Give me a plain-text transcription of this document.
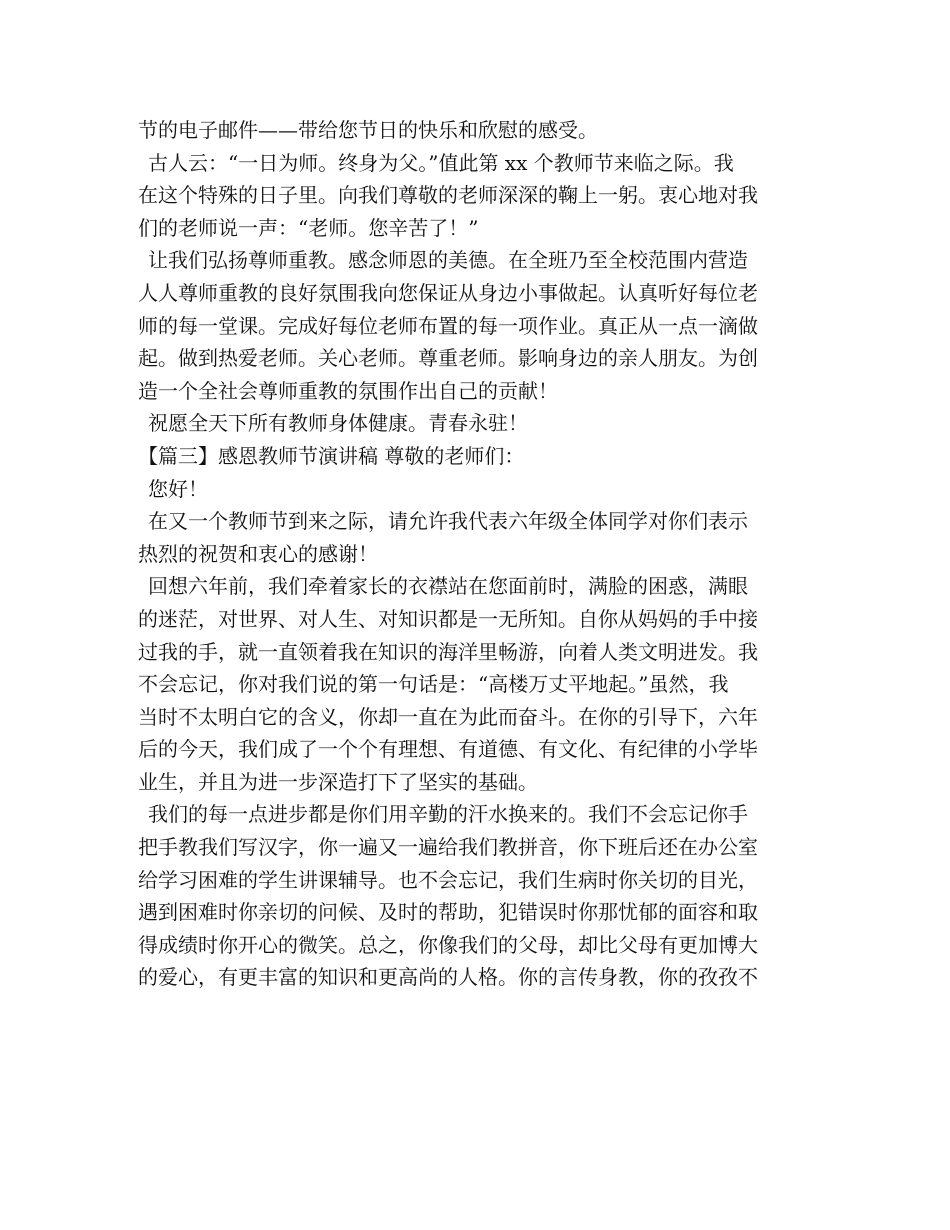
节的电子邮件——带给您节日的快乐和欣慰的感受。
古人云：“一日为师。终身为父。”值此第 xx 个教师节来临之际。我
在这个特殊的日子里。向我们尊敬的老师深深的鞠上一躬。衷心地对我
们的老师说一声：“老师。您辛苦了！”
让我们弘扬尊师重教。感念师恩的美德。在全班乃至全校范围内营造
人人尊师重教的良好氛围我向您保证从身边小事做起。认真听好每位老
师的每一堂课。完成好每位老师布置的每一项作业。真正从一点一滴做
起。做到热爱老师。关心老师。尊重老师。影响身边的亲人朋友。为创
造一个全社会尊师重教的氛围作出自己的贡献！
祝愿全天下所有教师身体健康。青春永驻！
【篇三】感恩教师节演讲稿 尊敬的老师们：
您好！
在又一个教师节到来之际，请允许我代表六年级全体同学对你们表示
热烈的祝贺和衷心的感谢！
回想六年前，我们牵着家长的衣襟站在您面前时，满脸的困惑，满眼
的迷茫，对世界、对人生、对知识都是一无所知。自你从妈妈的手中接
过我的手，就一直领着我在知识的海洋里畅游，向着人类文明进发。我
不会忘记，你对我们说的第一句话是：“高楼万丈平地起。”虽然，我
当时不太明白它的含义，你却一直在为此而奋斗。在你的引导下，六年
后的今天，我们成了一个个有理想、有道德、有文化、有纪律的小学毕
业生，并且为进一步深造打下了坚实的基础。
我们的每一点进步都是你们用辛勤的汗水换来的。我们不会忘记你手
把手教我们写汉字，你一遍又一遍给我们教拼音，你下班后还在办公室
给学习困难的学生讲课辅导。也不会忘记，我们生病时你关切的目光，
遇到困难时你亲切的问候、及时的帮助，犯错误时你那忧郁的面容和取
得成绩时你开心的微笑。总之，你像我们的父母，却比父母有更加博大
的爱心，有更丰富的知识和更高尚的人格。你的言传身教，你的孜孜不
